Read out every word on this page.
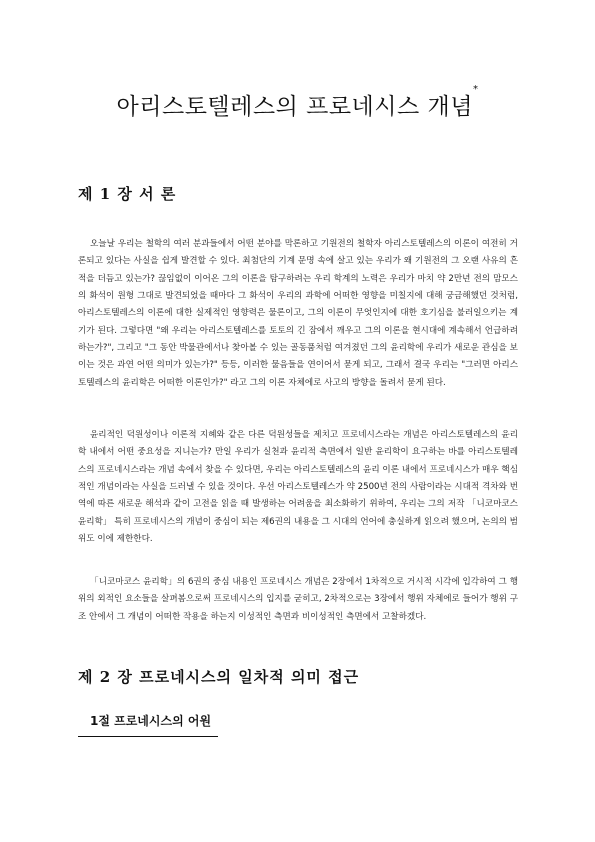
아리스토텔레스의 프로네시스 개념*
제 1 장 서 론

오늘날 우리는 철학의 여러 분과들에서 어떤 분야를 막론하고 기원전의 철학자 아리스토텔레스의 이론이 여전히 거론되고 있다는 사실을 쉽게 발견할 수 있다. 최첨단의 기계 문명 속에 살고 있는 우리가 왜 기원전의 그 오랜 사유의 흔적을 더듬고 있는가? 끊임없이 이어온 그의 이론을 탐구하려는 우리 학계의 노력은 우리가 마치 약 2만년 전의 맘모스의 화석이 원형 그대로 발견되었을 때마다 그 화석이 우리의 과학에 어떠한 영향을 미칠지에 대해 궁금해했던 것처럼, 아리스토텔레스의 이론에 대한 실제적인 영향력은 물론이고, 그의 이론이 무엇인지에 대한 호기심을 불러일으키는 계기가 된다. 그렇다면 "왜 우리는 아리스토텔레스를 토토의 긴 잠에서 깨우고 그의 이론을 현시대에 계속해서 언급하려 하는가?", 그리고 "그 동안 박물관에서나 찾아볼 수 있는 골동품처럼 여겨졌던 그의 윤리학에 우리가 새로운 관심을 보이는 것은 과연 어떤 의미가 있는가?" 등등, 이러한 물음들을 연이어서 묻게 되고, 그래서 결국 우리는 "그러면 아리스토텔레스의 윤리학은 어떠한 이론인가?" 라고 그의 이론 자체에로 사고의 방향을 돌려서 묻게 된다.

윤리적인 덕원성이나 이론적 지혜와 같은 다른 덕원성들을 제치고 프로네시스라는 개념은 아리스토텔레스의 윤리학 내에서 어떤 중요성을 지니는가? 만일 우리가 실천과 윤리적 측면에서 일반 윤리학이 요구하는 바를 아리스토텔레스의 프로네시스라는 개념 속에서 찾을 수 있다면, 우리는 아리스토텔레스의 윤리 이론 내에서 프로네시스가 매우 핵심적인 개념이라는 사실을 드러낼 수 있을 것이다. 우선 아리스토텔레스가 약 2500년 전의 사람이라는 시대적 격차와 번역에 따른 새로운 해석과 같이 고전을 읽을 때 발생하는 어려움을 최소화하기 위하여, 우리는 그의 저작 「니코마코스 윤리학」 특히 프로네시스의 개념이 중심이 되는 제6권의 내용을 그 시대의 언어에 충실하게 읽으려 했으며, 논의의 범위도 이에 제한한다.

「니코마코스 윤리학」의 6권의 중심 내용인 프로네시스 개념은 2장에서 1차적으로 거시적 시각에 입각하여 그 행위의 외적인 요소들을 살펴봄으로써 프로네시스의 입지를 굳히고, 2차적으로는 3장에서 행위 자체에로 들어가 행위 구조 안에서 그 개념이 어떠한 작용을 하는지 이성적인 측면과 비이성적인 측면에서 고찰하겠다.

제 2 장 프로네시스의 일차적 의미 접근
1절 프로네시스의 어원
